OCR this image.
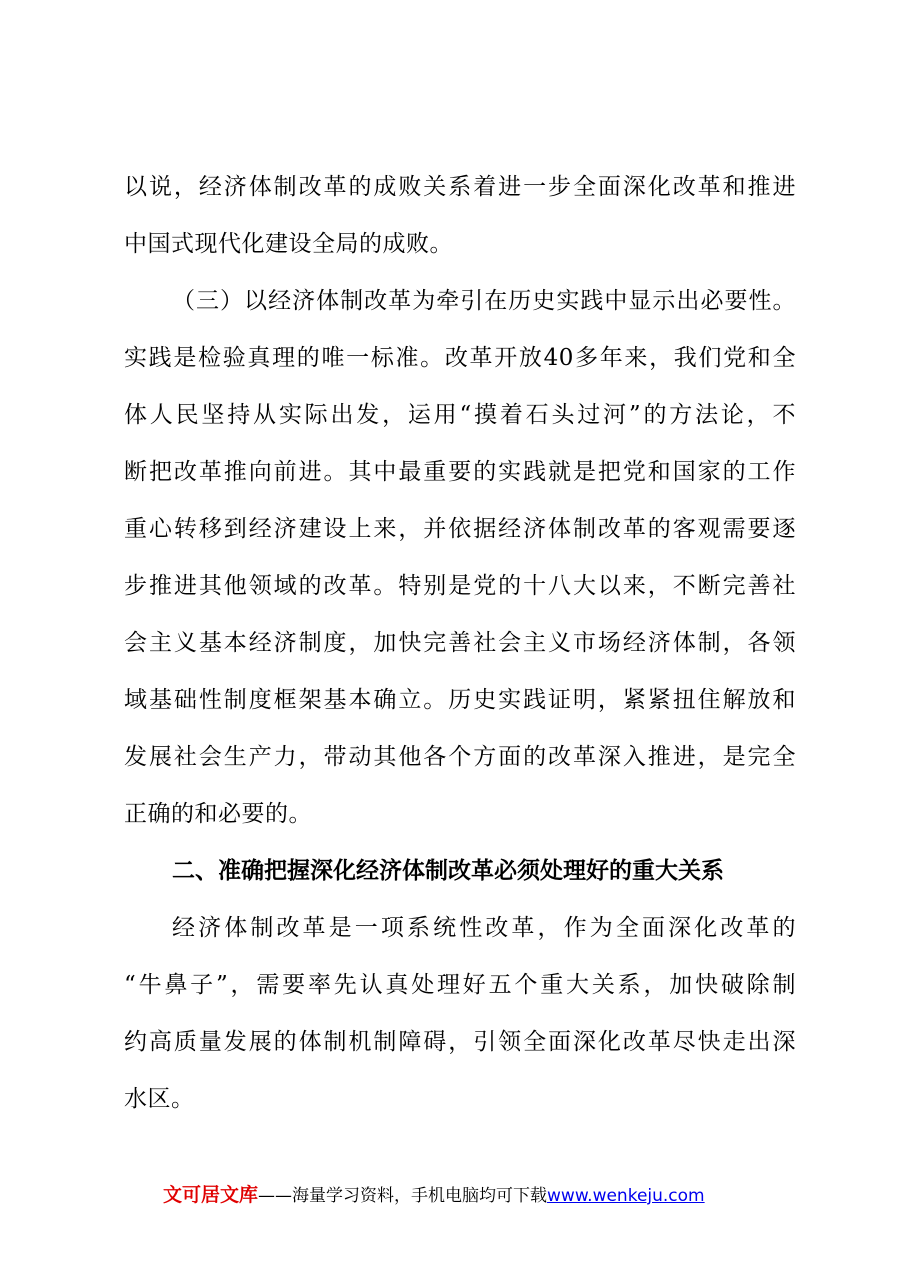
以说，经济体制改革的成败关系着进一步全面深化改革和推进
中国式现代化建设全局的成败。
（三）以经济体制改革为牵引在历史实践中显示出必要性。
实践是检验真理的唯一标准。改革开放40多年来，我们党和全
体人民坚持从实际出发，运用“摸着石头过河”的方法论，不
断把改革推向前进。其中最重要的实践就是把党和国家的工作
重心转移到经济建设上来，并依据经济体制改革的客观需要逐
步推进其他领域的改革。特别是党的十八大以来，不断完善社
会主义基本经济制度，加快完善社会主义市场经济体制，各领
域基础性制度框架基本确立。历史实践证明，紧紧扭住解放和
发展社会生产力，带动其他各个方面的改革深入推进，是完全
正确的和必要的。
二、准确把握深化经济体制改革必须处理好的重大关系
经济体制改革是一项系统性改革，作为全面深化改革的
“牛鼻子”，需要率先认真处理好五个重大关系，加快破除制
约高质量发展的体制机制障碍，引领全面深化改革尽快走出深
水区。
文可居文库——海量学习资料，手机电脑均可下载www.wenkeju.com
